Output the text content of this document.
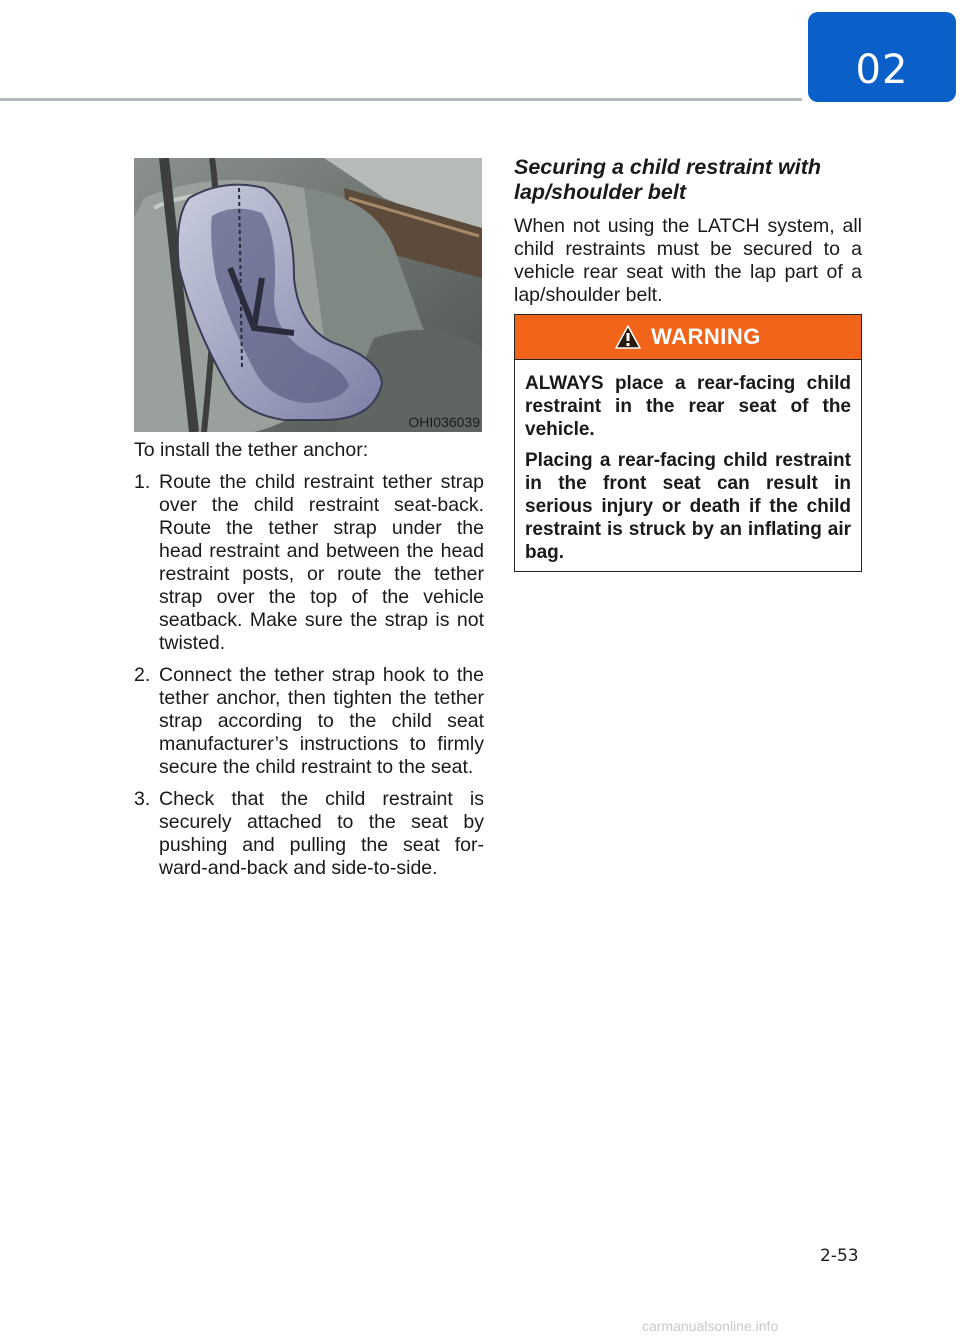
02
OHI036039

To install the tether anchor:

1. Route the child restraint tether strap over the child restraint seat-back. Route the tether strap under the head restraint and between the head restraint posts, or route the tether strap over the top of the vehicle seatback. Make sure the strap is not twisted.
2. Connect the tether strap hook to the tether anchor, then tighten the tether strap according to the child seat manufacturer’s instructions to firmly secure the child restraint to the seat.
3. Check that the child restraint is securely attached to the seat by pushing and pulling the seat for-ward-and-back and side-to-side.
Securing a child restraint with lap/shoulder belt

When not using the LATCH system, all child restraints must be secured to a vehicle rear seat with the lap part of a lap/shoulder belt.

WARNING

ALWAYS place a rear-facing child restraint in the rear seat of the vehicle.

Placing a rear-facing child restraint in the front seat can result in serious injury or death if the child restraint is struck by an inflating air bag.

2-53
carmanualsonline.info
